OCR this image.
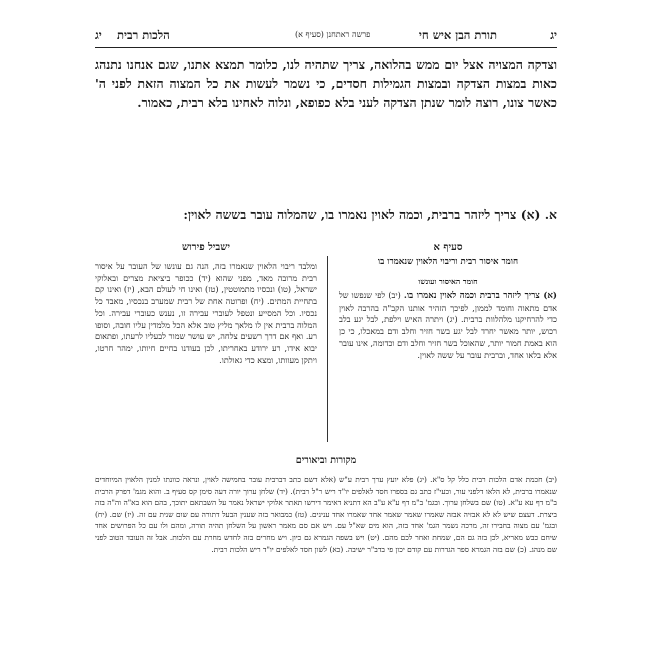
יג
תורת הבן איש חי
פרשה ראתחנן (סעיף א)
הלכות רבית
יג
וצדקה המצויה אצל יום ממש בהלואה, צריך שתהיה לנו, כלומר תמצא אתנו, שגם אנחנו נתנהג כאות במצות הצדקה ובמצות הגמילות חסדים, כי נשמר לעשות את כל המצוה הזאת לפני ה' כאשר צונו, רוצה לומר שנתן הצדקה לעני בלא כפופא, ונלוה לאחינו בלא רבית, כאמור.
א. (א) צריך ליזהר ברבית, וכמה לאוין נאמרו בו, שהמלוה עובר בששה לאוין:
סעיף א
חומר איסור רבית וריבוי הלאוין שנאמרו בו
חומר האיסור ועונשו
(א) צריך ליזהר ברבית וכמה לאוין נאמרו בו. (יב) לפי שנפשו של אדם מתאוה וחומד לממון, לפיכך הזהיר אותנו הקב"ה בהרבה לאוין כדי להרחיקנו מלהלוות ברבית. (יג) ויתרה האיש וילפת, לבל יגע בלב רכוש, יותר מאשר יחרד לבל יגע בשר חזיר וחלב ודם במאכלו, כי כן הוא באמת חמור יותר, שהאוכל בשר חזיר וחלב ודם וכדומה, אינו עובר אלא בלאו אחד, וברבית עובר על ששה לאוין.
ישביל פירוש
ומלבד ריבוי הלאוין שנאמרו בזה, הנה גם עונשו של העובר על איסור רבית מרובה מאד, מפני שהוא (יד) ככופר ביציאת מצרים ובאלוקי ישראל, (טו) ונכסיו מתמוטטין, (טז) ואינו חי לעולם הבא, (יז) ואינו קם בתחיית המתים. (יח) ופרוטה אחת של רבית שמערב בנכסיו, מאבד כל נכסיו. וכל המסייע ונטפל לעוברי עבירה זו, נענש כעוברי עבירה. וכל המלוה ברבית אין לו מלאך מליץ טוב אלא הכל מלמדין עליו חובה, וסופו רע. ואף אם דרך רשעים צלחה, יש עושר שמור לבעליו לרעתו, ופתאום יבוא אידו, רע ירודע באחריתו, לכן בעודנו בחיים חיותו, ימהר חרטו, ויתקן מעוותו, ומצא כדי גאולתו.
מקורות וביאורים
(יב) חכמת אדם הלכות רבית כלל קל ס"א. (יג) פלא יועץ ערך רבית ע"ש (אלא דשם כתב דברבית עובר בחמישה לאוין, ונראה כוונתו למנין הלאוין המיוחדים שנאמרו ברבית, לא הלאו דלפני עור, וכעי"ז כתב גם בספרו חסד לאלפים יו"ד ריש ר"ל רבית). (יד) שלחן ערוך יורה דעה סימן קס סעיף ב. והוא מגמ' דפרק הרבית ב"מ דף עא ע"א. (טו) שם בשלחן ערוך. ובגמ' ב"מ דף ע"א ע"ב הא דתניא דאימר דירשו תאתר אלוקי ישראל נאמר על השבתאם יתוכך, בהם הוא בא"ה וה"ה בזה ביצרת. דעצם שיש לא לא אבזיה אבזה שאמרו שאמר שאמר אחד שאמרו אחד ענינים. (טז) כמבואר בזה שענין הבעל דתורה עם שום שנית עם זה. (יז) שם. (יח) ובגמ' עם מצוה בחבירו זה, מרכה נשמר הגמ' אחד בזה, הוא מים שא"ל עם. ויש אם סם מאמר ראשון על השלחן תהיה תורה, ומהם ולו עם כל הפרושים אחד שיחם כבש מאריא, לכן בזה גם הם, שמחת ואחר לכם מהם. (יט) ויש בשפה הגמרא גם כיון. ויש מחרים בזה לחדש מחרת עם הלכות. אבל זה העובד הטוב לפני שם מנהג. (כ) שם בזה הגמרא ספר הגדרות עם קודם יכון פי בדב"ר ישיבה. (כא) לשון חסד לאלפים יו"ד ריש הלכות רבית.
